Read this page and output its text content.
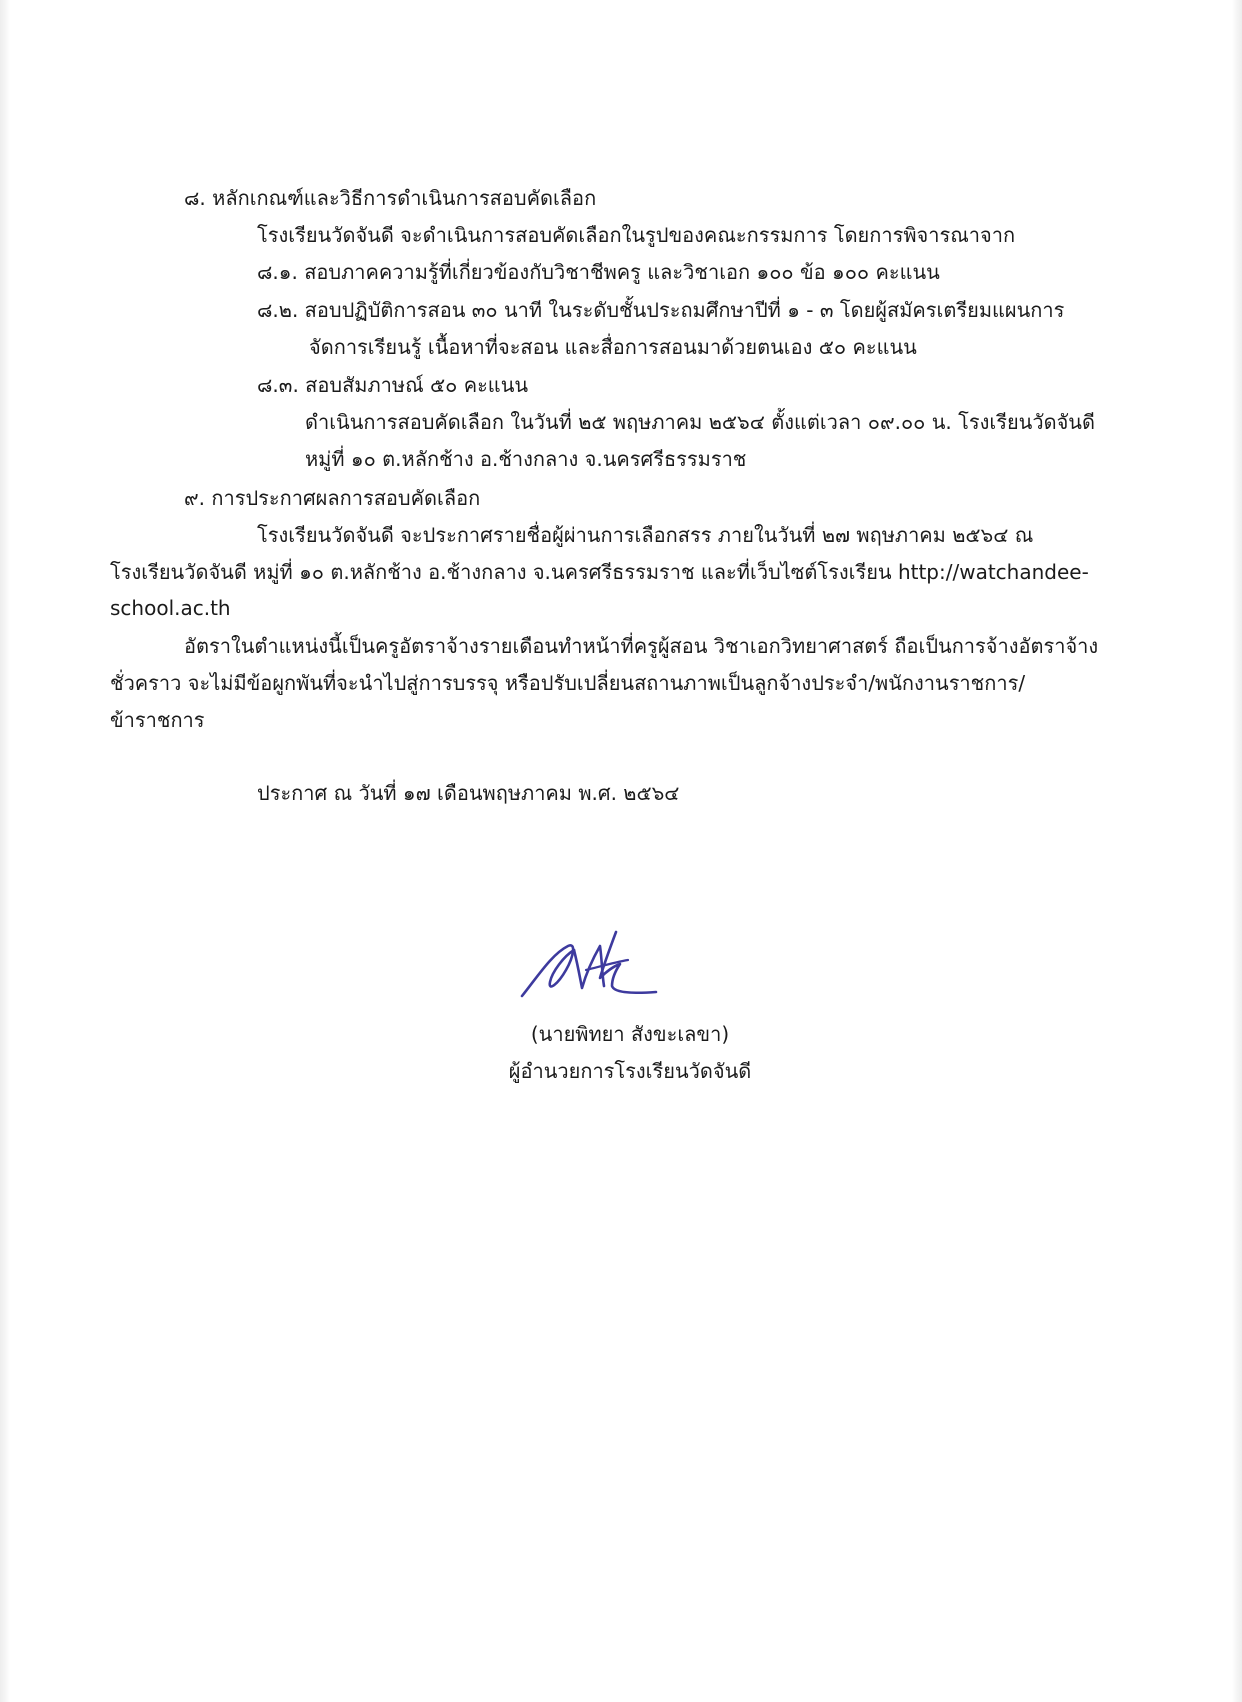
๘. หลักเกณฑ์และวิธีการดำเนินการสอบคัดเลือก
โรงเรียนวัดจันดี จะดำเนินการสอบคัดเลือกในรูปของคณะกรรมการ โดยการพิจารณาจาก
๘.๑. สอบภาคความรู้ที่เกี่ยวข้องกับวิชาชีพครู และวิชาเอก ๑๐๐ ข้อ ๑๐๐ คะแนน
๘.๒. สอบปฏิบัติการสอน ๓๐ นาที ในระดับชั้นประถมศึกษาปีที่ ๑ - ๓ โดยผู้สมัครเตรียมแผนการ
จัดการเรียนรู้ เนื้อหาที่จะสอน และสื่อการสอนมาด้วยตนเอง ๕๐ คะแนน
๘.๓. สอบสัมภาษณ์ ๕๐ คะแนน
ดำเนินการสอบคัดเลือก ในวันที่ ๒๕ พฤษภาคม ๒๕๖๔ ตั้งแต่เวลา ๐๙.๐๐ น. โรงเรียนวัดจันดี
หมู่ที่ ๑๐ ต.หลักช้าง อ.ช้างกลาง จ.นครศรีธรรมราช
๙. การประกาศผลการสอบคัดเลือก
โรงเรียนวัดจันดี จะประกาศรายชื่อผู้ผ่านการเลือกสรร ภายในวันที่ ๒๗ พฤษภาคม ๒๕๖๔ ณ
โรงเรียนวัดจันดี หมู่ที่ ๑๐ ต.หลักช้าง อ.ช้างกลาง จ.นครศรีธรรมราช และที่เว็บไซต์โรงเรียน http://watchandee-
school.ac.th
อัตราในตำแหน่งนี้เป็นครูอัตราจ้างรายเดือนทำหน้าที่ครูผู้สอน วิชาเอกวิทยาศาสตร์ ถือเป็นการจ้างอัตราจ้าง
ชั่วคราว จะไม่มีข้อผูกพันที่จะนำไปสู่การบรรจุ หรือปรับเปลี่ยนสถานภาพเป็นลูกจ้างประจำ/พนักงานราชการ/
ข้าราชการ
ประกาศ ณ วันที่ ๑๗ เดือนพฤษภาคม พ.ศ. ๒๕๖๔
(นายพิทยา สังขะเลขา)
ผู้อำนวยการโรงเรียนวัดจันดี
